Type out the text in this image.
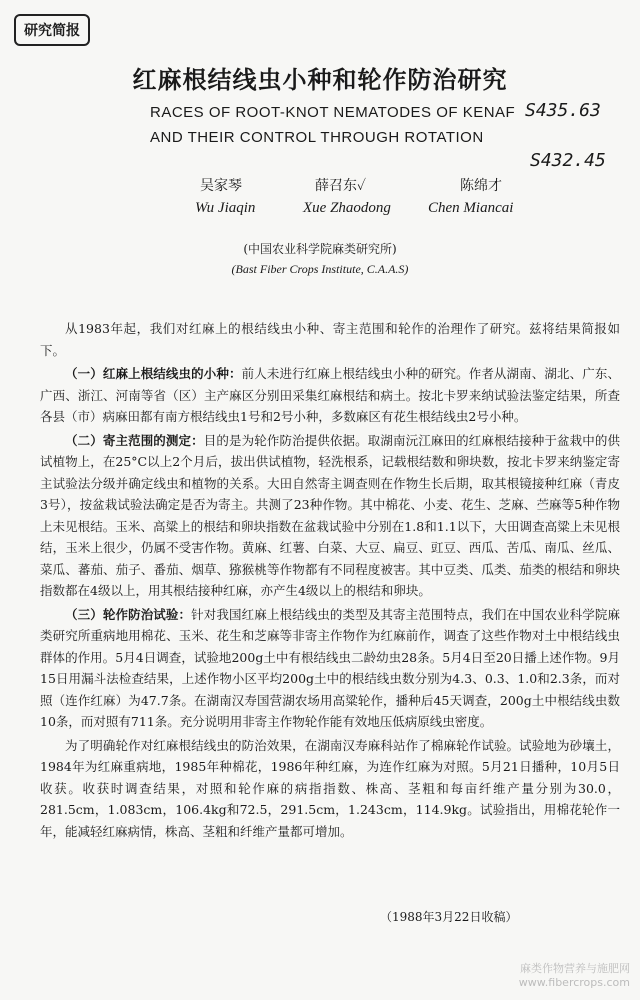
研究简报
红麻根结线虫小种和轮作防治研究
RACES OF ROOT-KNOT NEMATODES OF KENAF
AND THEIR CONTROL THROUGH ROTATION
S435.63
S432.45
吴家琴	薛召东✓	陈绵才
Wu Jiaqin	Xue Zhaodong Chen Miancai
(中国农业科学院麻类研究所)
(Bast Fiber Crops Institute, C.A.A.S)

从1983年起，我们对红麻上的根结线虫小种、寄主范围和轮作的治理作了研究。兹将结果简报如下。

（一）红麻上根结线虫的小种：前人未进行红麻上根结线虫小种的研究。作者从湖南、湖北、广东、广西、浙江、河南等省（区）主产麻区分别田采集红麻根结和病土。按北卡罗来纳试验法鉴定结果，所查各县（市）病麻田都有南方根结线虫1号和2号小种，多数麻区有花生根结线虫2号小种。

（二）寄主范围的测定：目的是为轮作防治提供依据。取湖南沅江麻田的红麻根结接种于盆栽中的供试植物上，在25°C以上2个月后，拔出供试植物，轻洗根系，记载根结数和卵块数，按北卡罗来纳鉴定寄主试验法分级并确定线虫和植物的关系。大田自然寄主调查则在作物生长后期，取其根镜接种红麻（青皮3号），按盆栽试验法确定是否为寄主。共测了23种作物。其中棉花、小麦、花生、芝麻、苎麻等5种作物上未见根结。玉米、高粱上的根结和卵块指数在盆栽试验中分别在1.8和1.1以下，大田调查高粱上未见根结，玉米上很少，仍属不受害作物。黄麻、红薯、白菜、大豆、扁豆、豇豆、西瓜、苦瓜、南瓜、丝瓜、菜瓜、蕃茄、茄子、番茄、烟草、猕猴桃等作物都有不同程度被害。其中豆类、瓜类、茄类的根结和卵块指数都在4级以上，用其根结接种红麻，亦产生4级以上的根结和卵块。

（三）轮作防治试验：针对我国红麻上根结线虫的类型及其寄主范围特点，我们在中国农业科学院麻类研究所重病地用棉花、玉米、花生和芝麻等非寄主作物作为红麻前作，调查了这些作物对土中根结线虫群体的作用。5月4日调查，试验地200g土中有根结线虫二龄幼虫28条。5月4日至20日播上述作物。9月15日用漏斗法检查结果，上述作物小区平均200g土中的根结线虫数分别为4.3、0.3、1.0和2.3条，而对照（连作红麻）为47.7条。在湖南汉寿国营湖农场用高粱轮作，播种后45天调查，200g土中根结线虫数10条，而对照有711条。充分说明用非寄主作物轮作能有效地压低病原线虫密度。

为了明确轮作对红麻根结线虫的防治效果，在湖南汉寿麻科站作了棉麻轮作试验。试验地为砂壤土，1984年为红麻重病地，1985年种棉花，1986年种红麻，为连作红麻为对照。5月21日播种，10月5日收获。收获时调查结果，对照和轮作麻的病指指数、株高、茎粗和每亩纤维产量分别为30.0，281.5cm，1.083cm，106.4kg和72.5，291.5cm，1.243cm，114.9kg。试验指出，用棉花轮作一年，能减轻红麻病情，株高、茎粗和纤维产量都可增加。

（1988年3月22日收稿）
麻类作物营养与施肥网
www.fibercrops.com
